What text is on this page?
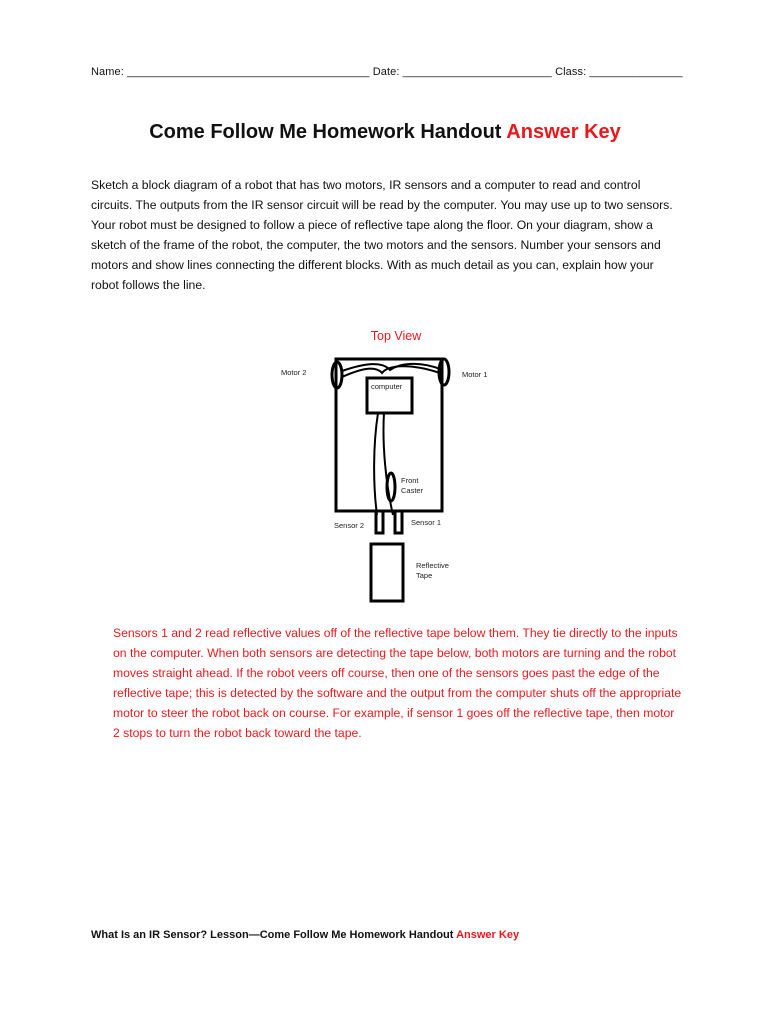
Name: _______________________________________ Date: ________________________ Class: _______________
Come Follow Me Homework Handout Answer Key
Sketch a block diagram of a robot that has two motors, IR sensors and a computer to read and control circuits. The outputs from the IR sensor circuit will be read by the computer. You may use up to two sensors. Your robot must be designed to follow a piece of reflective tape along the floor. On your diagram, show a sketch of the frame of the robot, the computer, the two motors and the sensors. Number your sensors and motors and show lines connecting the different blocks. With as much detail as you can, explain how your robot follows the line.
Top View
Motor 2	Motor 1
computer
Front
Caster
Sensor 2	Sensor 1
Reflective
Tape
Sensors 1 and 2 read reflective values off of the reflective tape below them. They tie directly to the inputs on the computer. When both sensors are detecting the tape below, both motors are turning and the robot moves straight ahead. If the robot veers off course, then one of the sensors goes past the edge of the reflective tape; this is detected by the software and the output from the computer shuts off the appropriate motor to steer the robot back on course. For example, if sensor 1 goes off the reflective tape, then motor 2 stops to turn the robot back toward the tape.
What Is an IR Sensor? Lesson—Come Follow Me Homework Handout Answer Key
